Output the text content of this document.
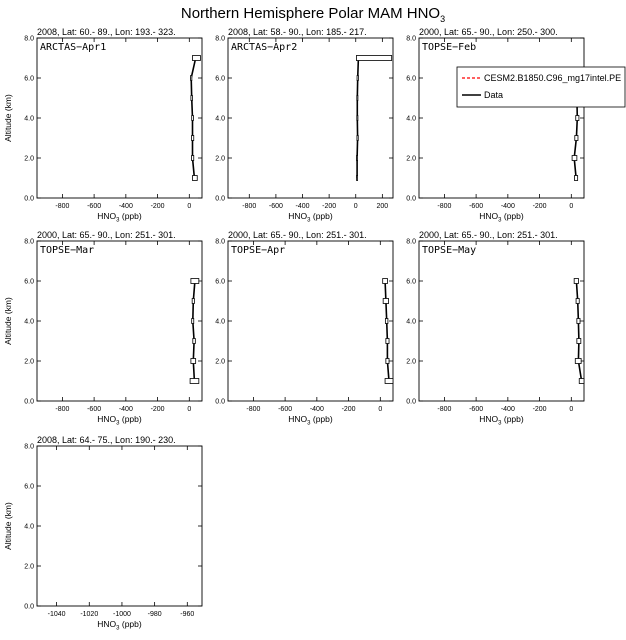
Northern Hemisphere Polar MAM $HNO_3$
2008, Lat: 60.- 89., Lon: 193.- 323.
0.0
2.0
4.0
6.0
8.0
-800	-600	-400	-200	0
$HNO_3$ (ppb)
Altitude (km)
ARCTAS−Apr1
2008, Lat: 58.- 90., Lon: 185.- 217.
0.0
2.0
4.0
6.0
8.0
-800 -600 -400 -200	0	200
$HNO_3$ (ppb)
ARCTAS−Apr2
2000, Lat: 65.- 90., Lon: 250.- 300.
0.0
2.0
4.0
6.0
8.0
-800	-600	-400	-200	0
$HNO_3$ (ppb)
TOPSE−Feb
2000, Lat: 65.- 90., Lon: 251.- 301.
0.0
2.0
4.0
6.0
8.0
-800	-600	-400	-200	0
$HNO_3$ (ppb)
Altitude (km)
TOPSE−Mar
2000, Lat: 65.- 90., Lon: 251.- 301.
0.0
2.0
4.0
6.0
8.0
-800	-600	-400	-200	0
$HNO_3$ (ppb)
TOPSE−Apr
2000, Lat: 65.- 90., Lon: 251.- 301.
0.0
2.0
4.0
6.0
8.0
-800	-600	-400	-200	0
$HNO_3$ (ppb)
TOPSE−May
2008, Lat: 64.- 75., Lon: 190.- 230.
0.0
2.0
4.0
6.0
8.0
-1040 -1020 -1000 -980	-960
$HNO_3$ (ppb)
Altitude (km)
CESM2.B1850.C96_mg17intel.PE
Data
